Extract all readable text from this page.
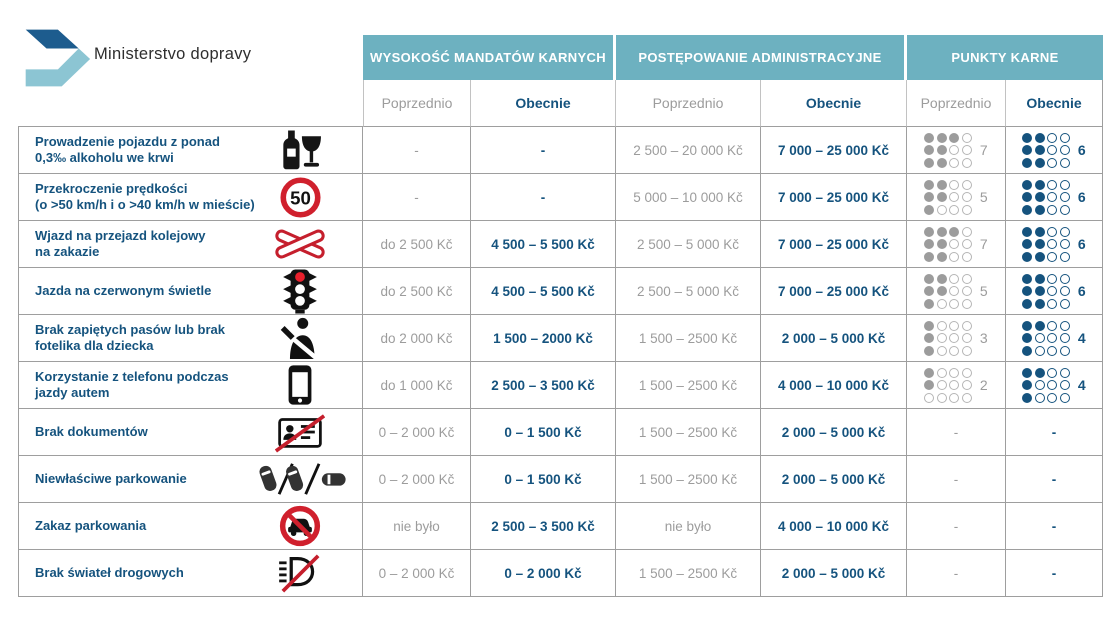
Ministerstvo dopravy	WYSOKOŚĆ MANDATÓW KARNYCH	POSTĘPOWANIE ADMINISTRACYJNE	PUNKTY KARNE
Poprzednio	Obecnie	Poprzednio	Obecnie	Poprzednio	Obecnie
Prowadzenie pojazdu z ponad
0,3‰ alkoholu we krwi	-	-	2 500 – 20 000 Kč	7 000 – 25 000 Kč	7	6
Przekroczenie prędkości
(o >50 km/h i o >40 km/h w mieście) 50	-	-	5 000 – 10 000 Kč	7 000 – 25 000 Kč	5	6
Wjazd na przejazd kolejowy
na zakazie	do 2 500 Kč	4 500 – 5 500 Kč	2 500 – 5 000 Kč	7 000 – 25 000 Kč	7	6
Jazda na czerwonym świetle	do 2 500 Kč	4 500 – 5 500 Kč	2 500 – 5 000 Kč	7 000 – 25 000 Kč	5	6
Brak zapiętych pasów lub brak
fotelika dla dziecka	do 2 000 Kč	1 500 – 2000 Kč	1 500 – 2500 Kč	2 000 – 5 000 Kč	3	4
Korzystanie z telefonu podczas
jazdy autem	do 1 000 Kč	2 500 – 3 500 Kč	1 500 – 2500 Kč	4 000 – 10 000 Kč	2	4
Brak dokumentów	0 – 2 000 Kč	0 – 1 500 Kč	1 500 – 2500 Kč	2 000 – 5 000 Kč	-	-
Niewłaściwe parkowanie	0 – 2 000 Kč	0 – 1 500 Kč	1 500 – 2500 Kč	2 000 – 5 000 Kč	-	-
Zakaz parkowania	nie było	2 500 – 3 500 Kč	nie było	4 000 – 10 000 Kč	-	-
Brak świateł drogowych	0 – 2 000 Kč	0 – 2 000 Kč	1 500 – 2500 Kč	2 000 – 5 000 Kč	-	-
